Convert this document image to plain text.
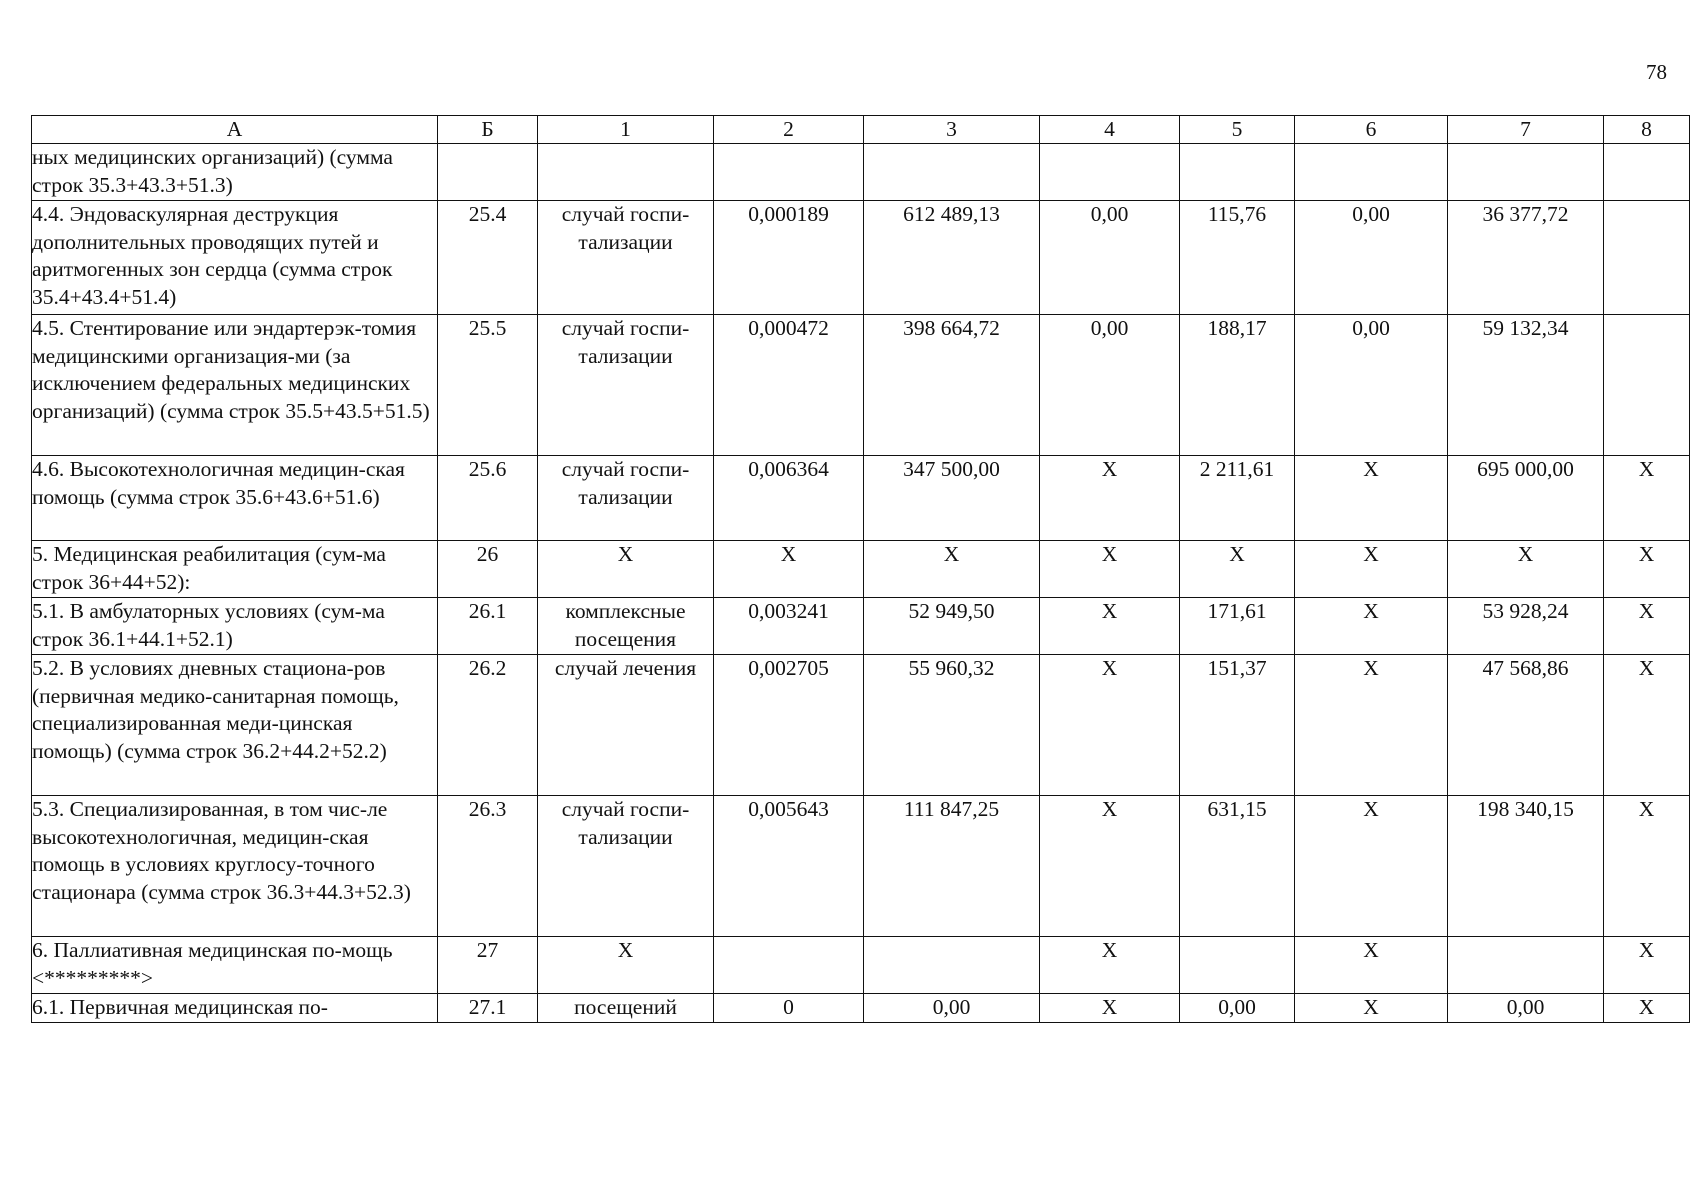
78
А	Б	1	2	3	4	5	6	7	8
ных медицинских организаций) (сумма строк 35.3+43.3+51.3)									
4.4. Эндоваскулярная деструкция дополнительных проводящих путей и аритмогенных зон сердца (сумма строк 35.4+43.4+51.4)	25.4	случай госпи-тализации	0,000189	612 489,13	0,00	115,76	0,00	36 377,72	
4.5. Стентирование или эндартерэк-томия медицинскими организация-ми (за исключением федеральных медицинских организаций) (сумма строк 35.5+43.5+51.5)	25.5	случай госпи-тализации	0,000472	398 664,72	0,00	188,17	0,00	59 132,34	
4.6. Высокотехнологичная медицин-ская помощь (сумма строк 35.6+43.6+51.6)	25.6	случай госпи-тализации	0,006364	347 500,00	X	2 211,61	X	695 000,00	X
5. Медицинская реабилитация (сум-ма строк 36+44+52):	26	X	X	X	X	X	X	X	X
5.1. В амбулаторных условиях (сум-ма строк 36.1+44.1+52.1)	26.1	комплексные посещения	0,003241	52 949,50	X	171,61	X	53 928,24	X
5.2. В условиях дневных стациона-ров (первичная медико-санитарная помощь, специализированная меди-цинская помощь) (сумма строк 36.2+44.2+52.2)	26.2	случай лечения	0,002705	55 960,32	X	151,37	X	47 568,86	X
5.3. Специализированная, в том чис-ле высокотехнологичная, медицин-ская помощь в условиях круглосу-точного стационара (сумма строк 36.3+44.3+52.3)	26.3	случай госпи-тализации	0,005643	111 847,25	X	631,15	X	198 340,15	X
6. Паллиативная медицинская по-мощь <*********>	27	X			X		X		X
6.1. Первичная медицинская по-	27.1	посещений	0	0,00	X	0,00	X	0,00	X
